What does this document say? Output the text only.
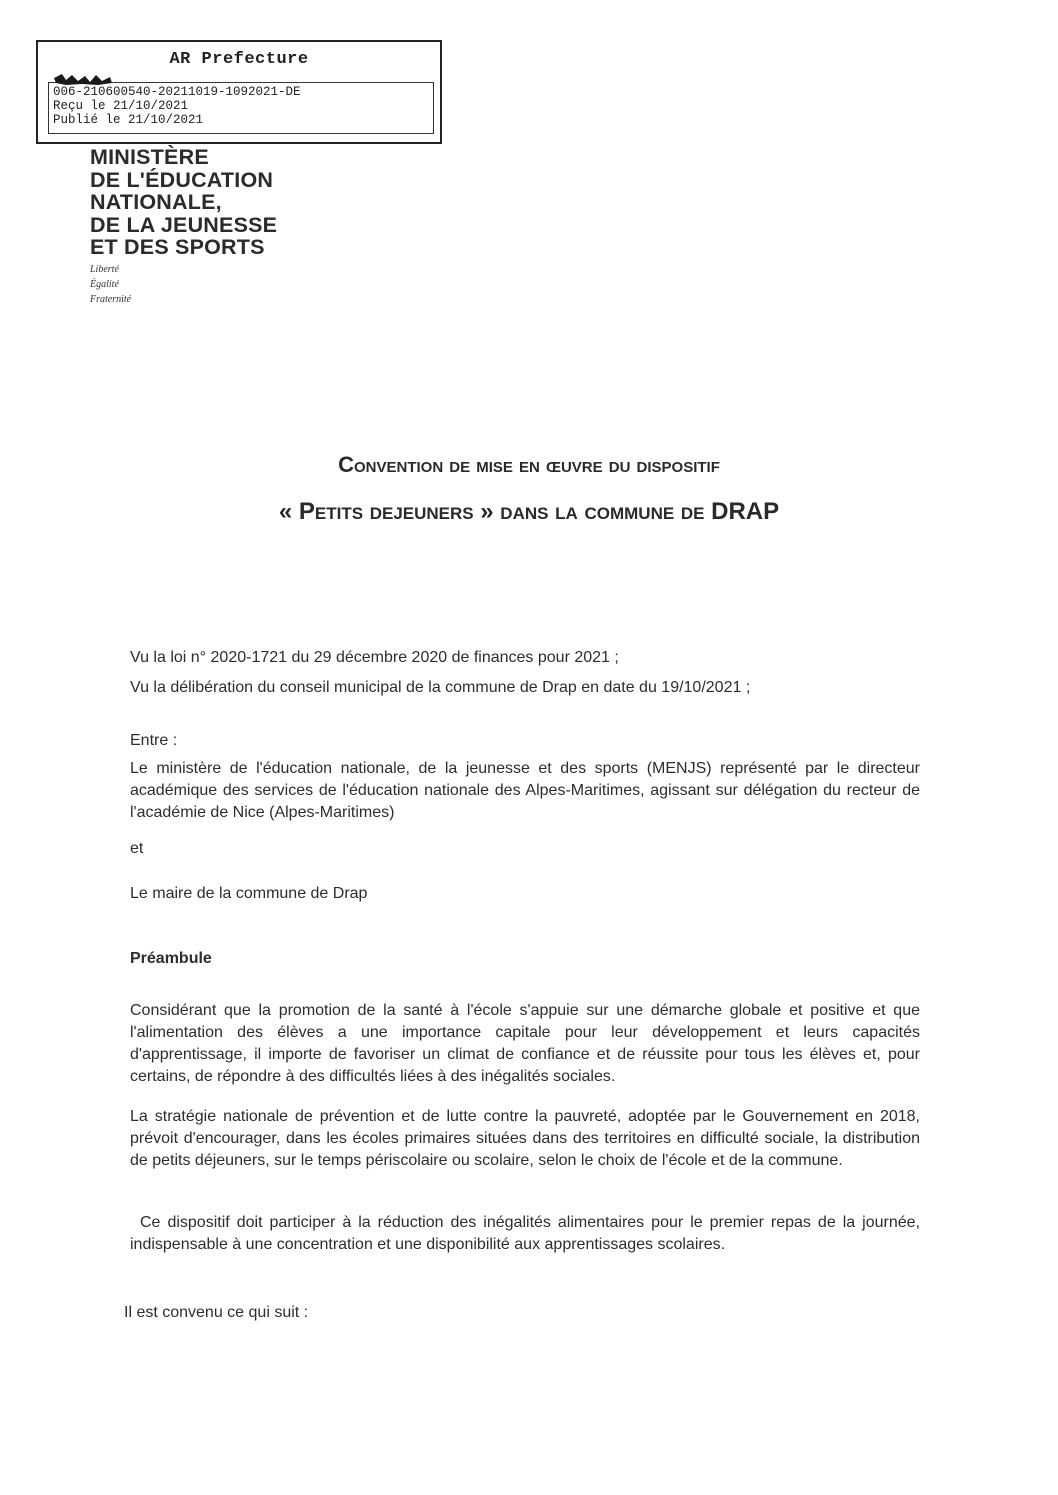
AR Prefecture
006-210600540-20211019-1092021-DE
Reçu le 21/10/2021
Publié le 21/10/2021
MINISTÈRE
DE L'ÉDUCATION
NATIONALE,
DE LA JEUNESSE
ET DES SPORTS
Liberté
Égalité
Fraternité
Convention de mise en œuvre du dispositif
« Petits dejeuners » dans la commune de DRAP
Vu la loi n° 2020-1721 du 29 décembre 2020 de finances pour 2021 ;
Vu la délibération du conseil municipal de la commune de Drap en date du 19/10/2021 ;
Entre :
Le ministère de l'éducation nationale, de la jeunesse et des sports (MENJS) représenté par le directeur académique des services de l'éducation nationale des Alpes-Maritimes, agissant sur délégation du recteur de l'académie de Nice (Alpes-Maritimes)
et
Le maire de la commune de Drap
Préambule
Considérant que la promotion de la santé à l'école s'appuie sur une démarche globale et positive et que l'alimentation des élèves a une importance capitale pour leur développement et leurs capacités d'apprentissage, il importe de favoriser un climat de confiance et de réussite pour tous les élèves et, pour certains, de répondre à des difficultés liées à des inégalités sociales.
La stratégie nationale de prévention et de lutte contre la pauvreté, adoptée par le Gouvernement en 2018, prévoit d'encourager, dans les écoles primaires situées dans des territoires en difficulté sociale, la distribution de petits déjeuners, sur le temps périscolaire ou scolaire, selon le choix de l'école et de la commune.
Ce dispositif doit participer à la réduction des inégalités alimentaires pour le premier repas de la journée, indispensable à une concentration et une disponibilité aux apprentissages scolaires.
Il est convenu ce qui suit :
